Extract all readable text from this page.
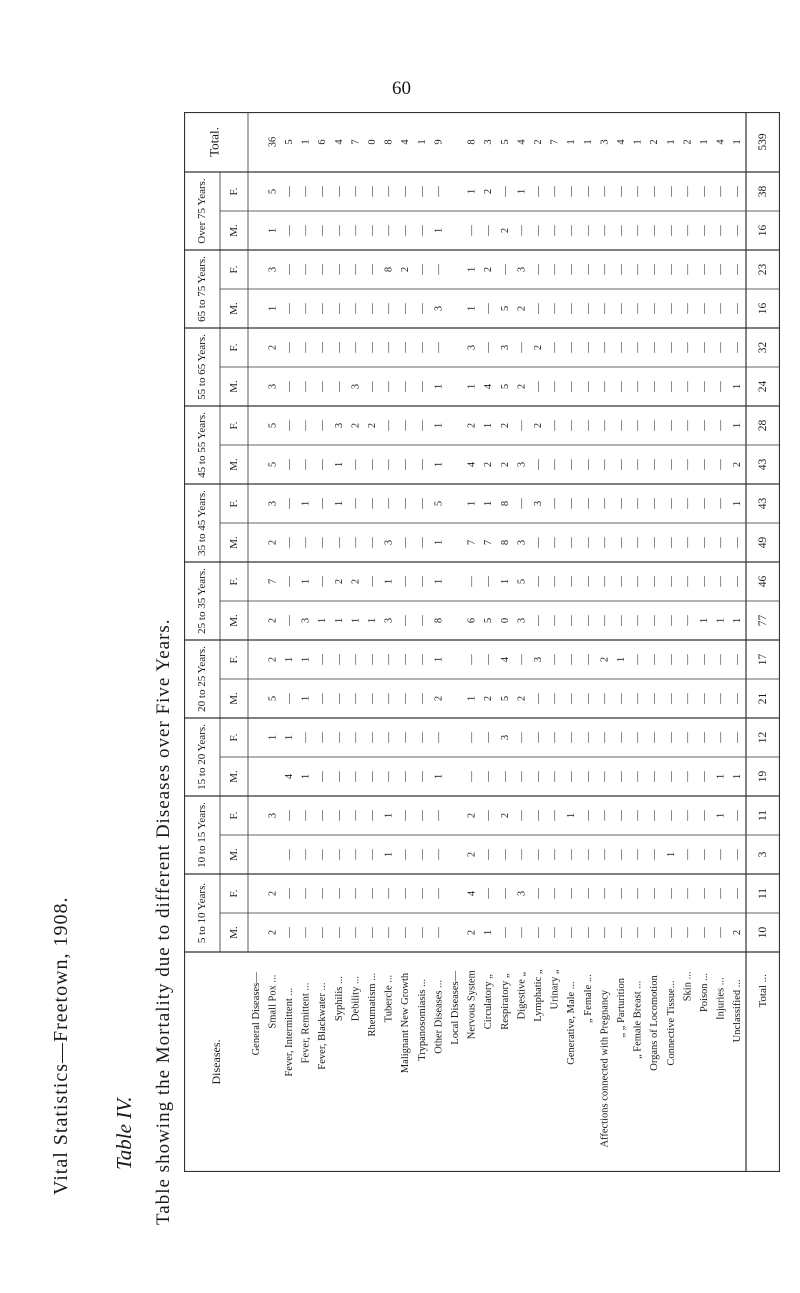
60
Vital Statistics—Freetown, 1908. Table IV. Table showing the Mortality due to different Diseases over Five Years.
Total.
5 to 10 Years. M.
F.
10 to 15 Years. M.
F.
15 to 20 Years. M.
F.
20 to 25 Years. M.
F.
25 to 35 Years. M.
F.
35 to 45 Years. M.
F.
45 to 55 Years. M.
F.
55 to 65 Years. M.
F.
65 to 75 Years. M.
F.
Over 75 Years. M.
F.
Diseases.
General Diseases— Small Pox ...
2
2
3
1
5
2
2
7
2
3
5
5
3
2
1
3
1
5
36
Fever, Intermittent ...
—
—
—
—
4
1
—
1
—
—
—
—
—
—
—
—
—
—
—
—
5
Fever, Remittent ...
—
—
—
—
1
—
1
1
3
1
—
1
—
—
—
—
—
—
—
—
1
Fever, Blackwater ...
—
—
—
—
—
—
—
—
1
—
—
—
—
—
—
—
—
—
—
—
6
Syphilis ...
—
—
—
—
—
—
—
—
1
2
—
1
1
3
—
—
—
—
—
—
4
Debility ...
—
—
—
—
—
—
—
—
1
2
—
—
—
2
3
—
—
—
—
—
7
Rheumatism ...
—
—
—
—
—
—
—
—
1
—
—
—
—
2
—
—
—
—
—
—
0
Tubercle ...
—
—
1
1
—
—
—
—
3
1
3
—
—
—
—
—
—
8
—
—
8
Malignant New Growth
—
—
—
—
—
—
—
—
—
—
—
—
—
—
—
—
—
2
—
—
4
Trypanosomiasis ...
—
—
—
—
—
—
—
—
—
—
—
—
—
—
—
—
—
—
—
—
1
Other Diseases ...
—
—
—
—
1
—
2
1
8
1
1
5
1
1
1
—
3
—
1
—
9
Local Diseases— Nervous System
2
4
2
2
—
—
1
—
6
—
7
1
4
2
1
3
1
1
—
1
8
Circulatory „
1
—
—
—
—
—
2
—
5
—
7
1
2
1
4
—
—
2
—
2
3
Respiratory „
—
—
—
2
—
3
5
4
0
1
8
8
2
2
5
3
5
—
2
—
5
Digestive „
—
3
—
—
—
—
2
—
3
5
3
—
3
—
2
—
2
3
—
1
4
Lymphatic „
—
—
—
—
—
—
—
3
—
—
—
3
—
2
—
2
—
—
—
—
2
Urinary „
—
—
—
—
—
—
—
—
—
—
—
—
—
—
—
—
—
—
—
—
7
Generative, Male ...
—
—
—
1
—
—
—
—
—
—
—
—
—
—
—
—
—
—
—
—
1
„ Female ...
—
—
—
—
—
—
—
—
—
—
—
—
—
—
—
—
—
—
—
—
1
Affections connected with Pregnancy
—
—
—
—
—
—
—
2
—
—
—
—
—
—
—
—
—
—
—
—
3
„ „ Parturition
—
—
—
—
—
—
—
1
—
—
—
—
—
—
—
—
—
—
—
—
4
„ Female Breast ...
—
—
—
—
—
—
—
—
—
—
—
—
—
—
—
—
—
—
—
—
1
Organs of Locomotion
—
—
—
—
—
—
—
—
—
—
—
—
—
—
—
—
—
—
—
—
2
Connective Tissue...
—
—
1
—
—
—
—
—
—
—
—
—
—
—
—
—
—
—
—
—
1
Skin ...
—
—
—
—
—
—
—
—
—
—
—
—
—
—
—
—
—
—
—
—
2
Poison ...
—
—
—
—
—
—
—
—
1
—
—
—
—
—
—
—
—
—
—
—
1
Injuries ...
—
—
—
1
1
—
—
—
1
—
—
—
—
—
—
—
—
—
—
—
4
Unclassified ...
2
—
—
—
1
—
—
—
1
—
—
1
2
1
1
—
—
—
—
—
1
Total ...
10
11
3
11
19
12
21
17
77
46
49
43
43
28
24
32
16
23
16
38
539
